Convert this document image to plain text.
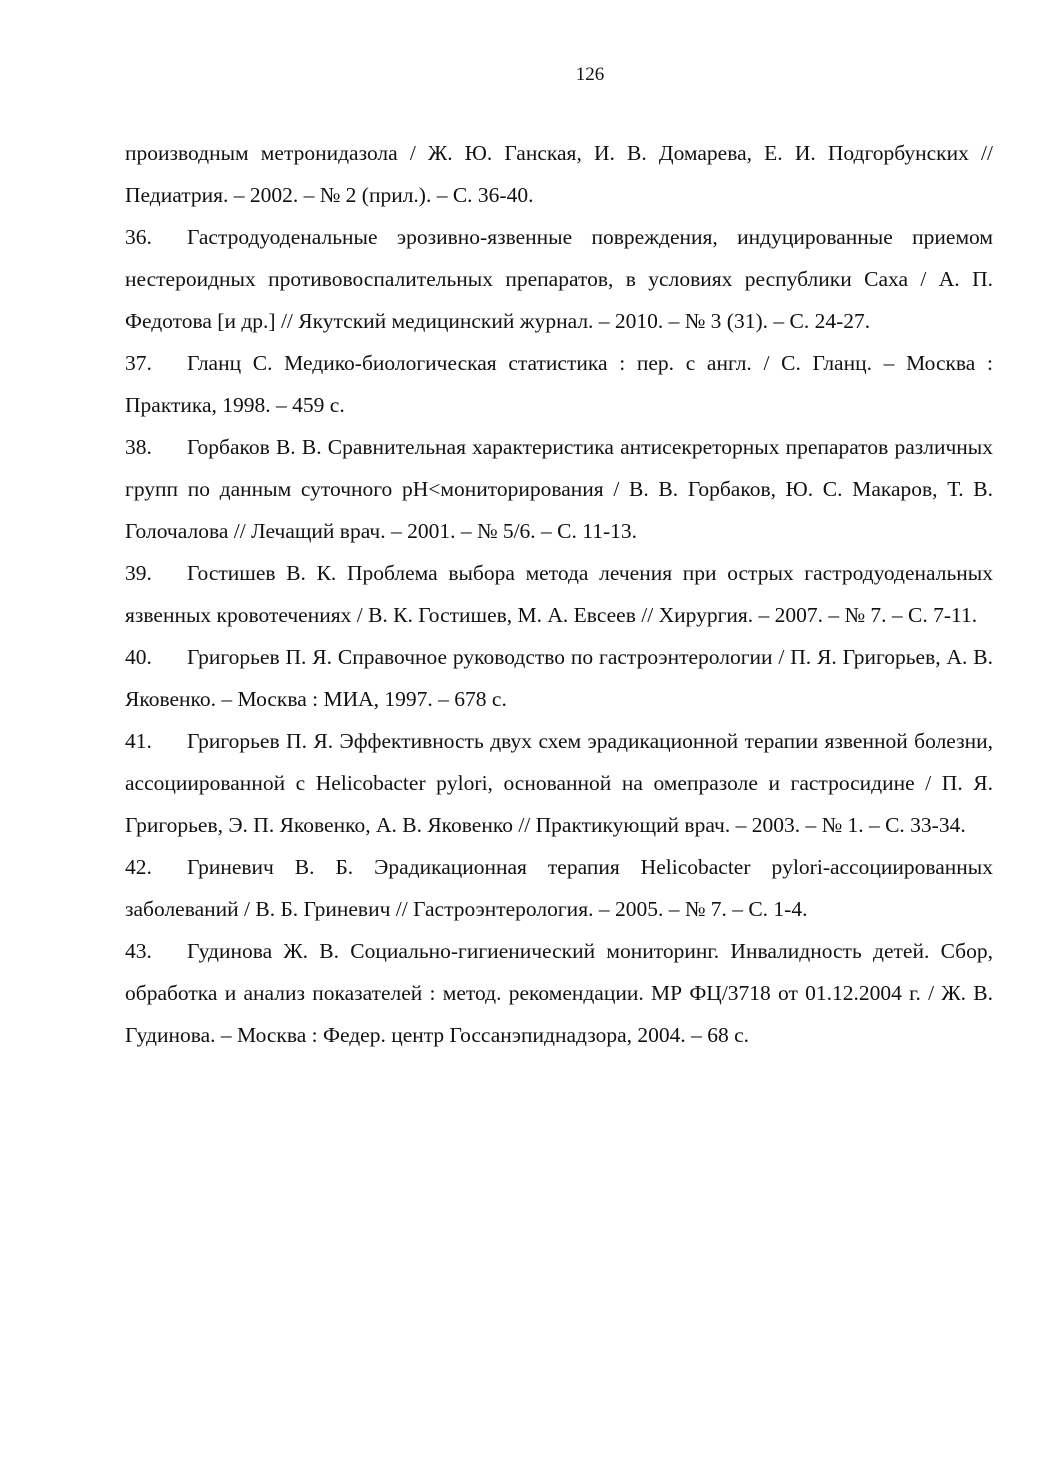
126

производным метронидазола / Ж. Ю. Ганская, И. В. Домарева, Е. И. Подгорбунских // Педиатрия. – 2002. – № 2 (прил.). – С. 36-40.

36. Гастродуоденальные эрозивно-язвенные повреждения, индуцированные приемом нестероидных противовоспалительных препаратов, в условиях республики Саха / А. П. Федотова [и др.] // Якутский медицинский журнал. – 2010. – № 3 (31). – С. 24-27.

37. Гланц С. Медико-биологическая статистика : пер. с англ. / С. Гланц. – Москва : Практика, 1998. – 459 с.

38. Горбаков В. В. Сравнительная характеристика антисекреторных препаратов различных групп по данным суточного pH<мониторирования / В. В. Горбаков, Ю. С. Макаров, Т. В. Голочалова // Лечащий врач. – 2001. – № 5/6. – С. 11-13.

39. Гостишев В. К. Проблема выбора метода лечения при острых гастродуоденальных язвенных кровотечениях / В. К. Гостишев, М. А. Евсеев // Хирургия. – 2007. – № 7. – С. 7-11.

40. Григорьев П. Я. Справочное руководство по гастроэнтерологии / П. Я. Григорьев, А. В. Яковенко. – Москва : МИА, 1997. – 678 с.

41. Григорьев П. Я. Эффективность двух схем эрадикационной терапии язвенной болезни, ассоциированной с Helicobacter pylori, основанной на омепразоле и гастросидине / П. Я. Григорьев, Э. П. Яковенко, А. В. Яковенко // Практикующий врач. – 2003. – № 1. – С. 33-34.

42. Гриневич В. Б. Эрадикационная терапия Helicobacter pylori-ассоциированных заболеваний / В. Б. Гриневич // Гастроэнтерология. – 2005. – № 7. – С. 1-4.

43. Гудинова Ж. В. Социально-гигиенический мониторинг. Инвалидность детей. Сбор, обработка и анализ показателей : метод. рекомендации. МР ФЦ/3718 от 01.12.2004 г. / Ж. В. Гудинова. – Москва : Федер. центр Госсанэпиднадзора, 2004. – 68 с.
